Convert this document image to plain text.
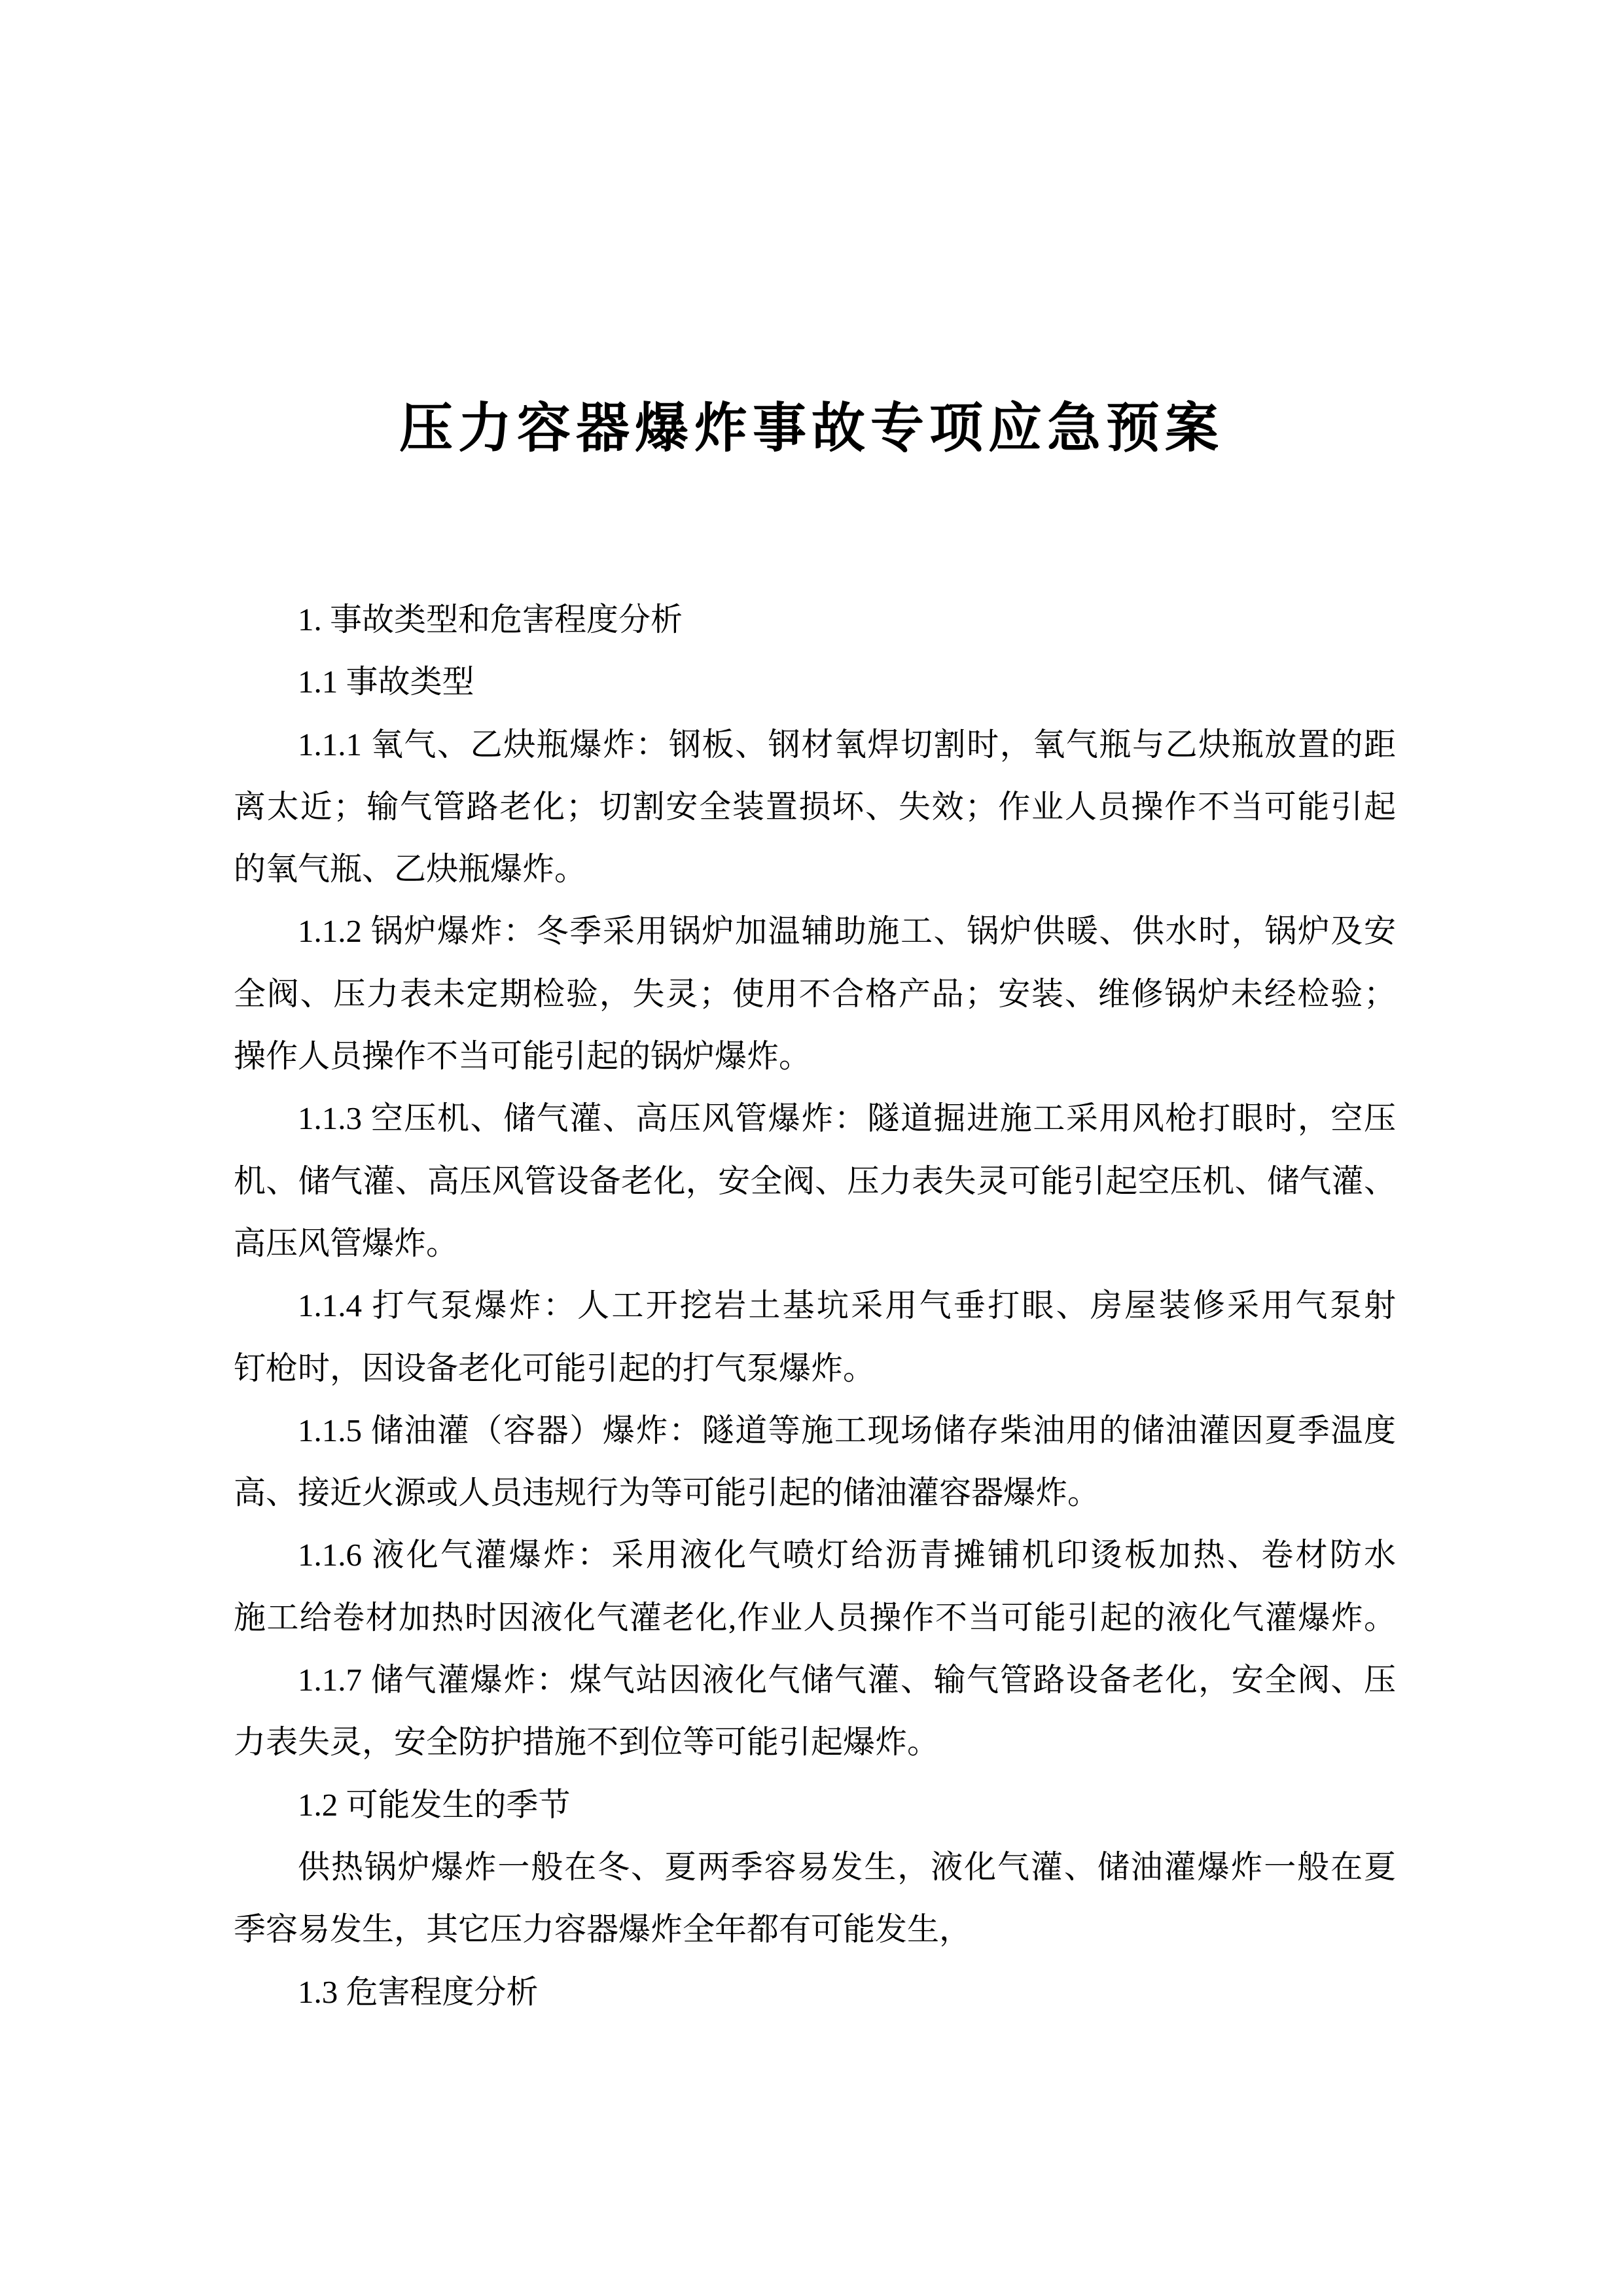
压力容器爆炸事故专项应急预案
1. 事故类型和危害程度分析
1.1 事故类型
1.1.1 氧气、乙炔瓶爆炸：钢板、钢材氧焊切割时，氧气瓶与乙炔瓶放置的距
离太近；输气管路老化；切割安全装置损坏、失效；作业人员操作不当可能引起
的氧气瓶、乙炔瓶爆炸。
1.1.2 锅炉爆炸：冬季采用锅炉加温辅助施工、锅炉供暖、供水时，锅炉及安
全阀、压力表未定期检验，失灵；使用不合格产品；安装、维修锅炉未经检验；
操作人员操作不当可能引起的锅炉爆炸。
1.1.3 空压机、储气灌、高压风管爆炸：隧道掘进施工采用风枪打眼时，空压
机、储气灌、高压风管设备老化，安全阀、压力表失灵可能引起空压机、储气灌、
高压风管爆炸。
1.1.4 打气泵爆炸：人工开挖岩土基坑采用气垂打眼、房屋装修采用气泵射
钉枪时，因设备老化可能引起的打气泵爆炸。
1.1.5 储油灌（容器）爆炸：隧道等施工现场储存柴油用的储油灌因夏季温度
高、接近火源或人员违规行为等可能引起的储油灌容器爆炸。
1.1.6 液化气灌爆炸：采用液化气喷灯给沥青摊铺机印烫板加热、卷材防水
施工给卷材加热时因液化气灌老化,作业人员操作不当可能引起的液化气灌爆炸。
1.1.7 储气灌爆炸：煤气站因液化气储气灌、输气管路设备老化，安全阀、压
力表失灵，安全防护措施不到位等可能引起爆炸。
1.2 可能发生的季节
供热锅炉爆炸一般在冬、夏两季容易发生，液化气灌、储油灌爆炸一般在夏
季容易发生，其它压力容器爆炸全年都有可能发生，
1.3 危害程度分析
